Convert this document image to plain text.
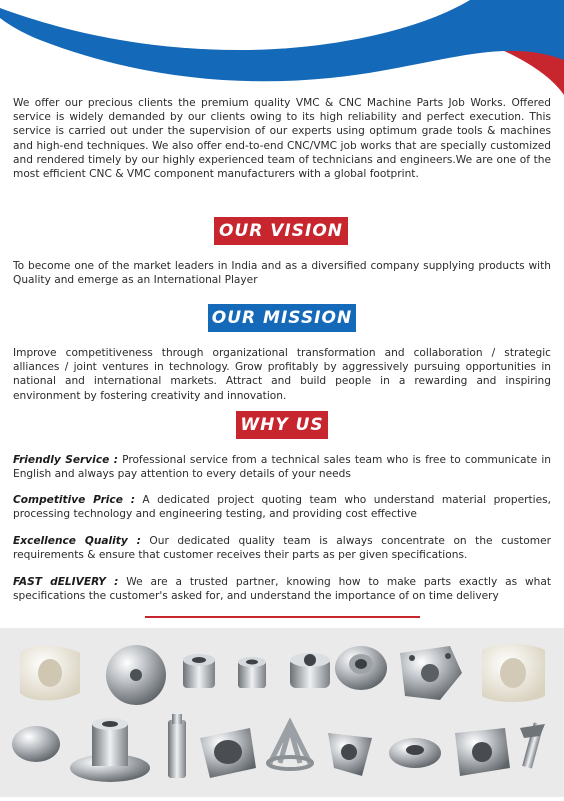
We offer our precious clients the premium quality VMC & CNC Machine Parts Job Works. Offered service is widely demanded by our clients owing to its high reliability and perfect execution. This service is carried out under the supervision of our experts using optimum grade tools & machines and high-end techniques. We also offer end-to-end CNC/VMC job works that are specially customized and rendered timely by our highly experienced team of technicians and engineers.We are one of the most efficient CNC & VMC component manufacturers with a global footprint.

OUR VISION

To become one of the market leaders in India and as a diversified company supplying products with Quality and emerge as an International Player

OUR MISSION

Improve competitiveness through organizational transformation and collaboration / strategic alliances / joint ventures in technology. Grow profitably by aggressively pursuing opportunities in national and international markets. Attract and build people in a rewarding and inspiring environment by fostering creativity and innovation.

WHY US

Friendly Service : Professional service from a technical sales team who is free to communicate in English and always pay attention to every details of your needs

Competitive Price : A dedicated project quoting team who understand material properties, processing technology and engineering testing, and providing cost effective

Excellence Quality : Our dedicated quality team is always concentrate on the customer requirements & ensure that customer receives their parts as per given specifications.

FAST dELIVERY : We are a trusted partner, knowing how to make parts exactly as what specifications the customer's asked for, and understand the importance of on time delivery
